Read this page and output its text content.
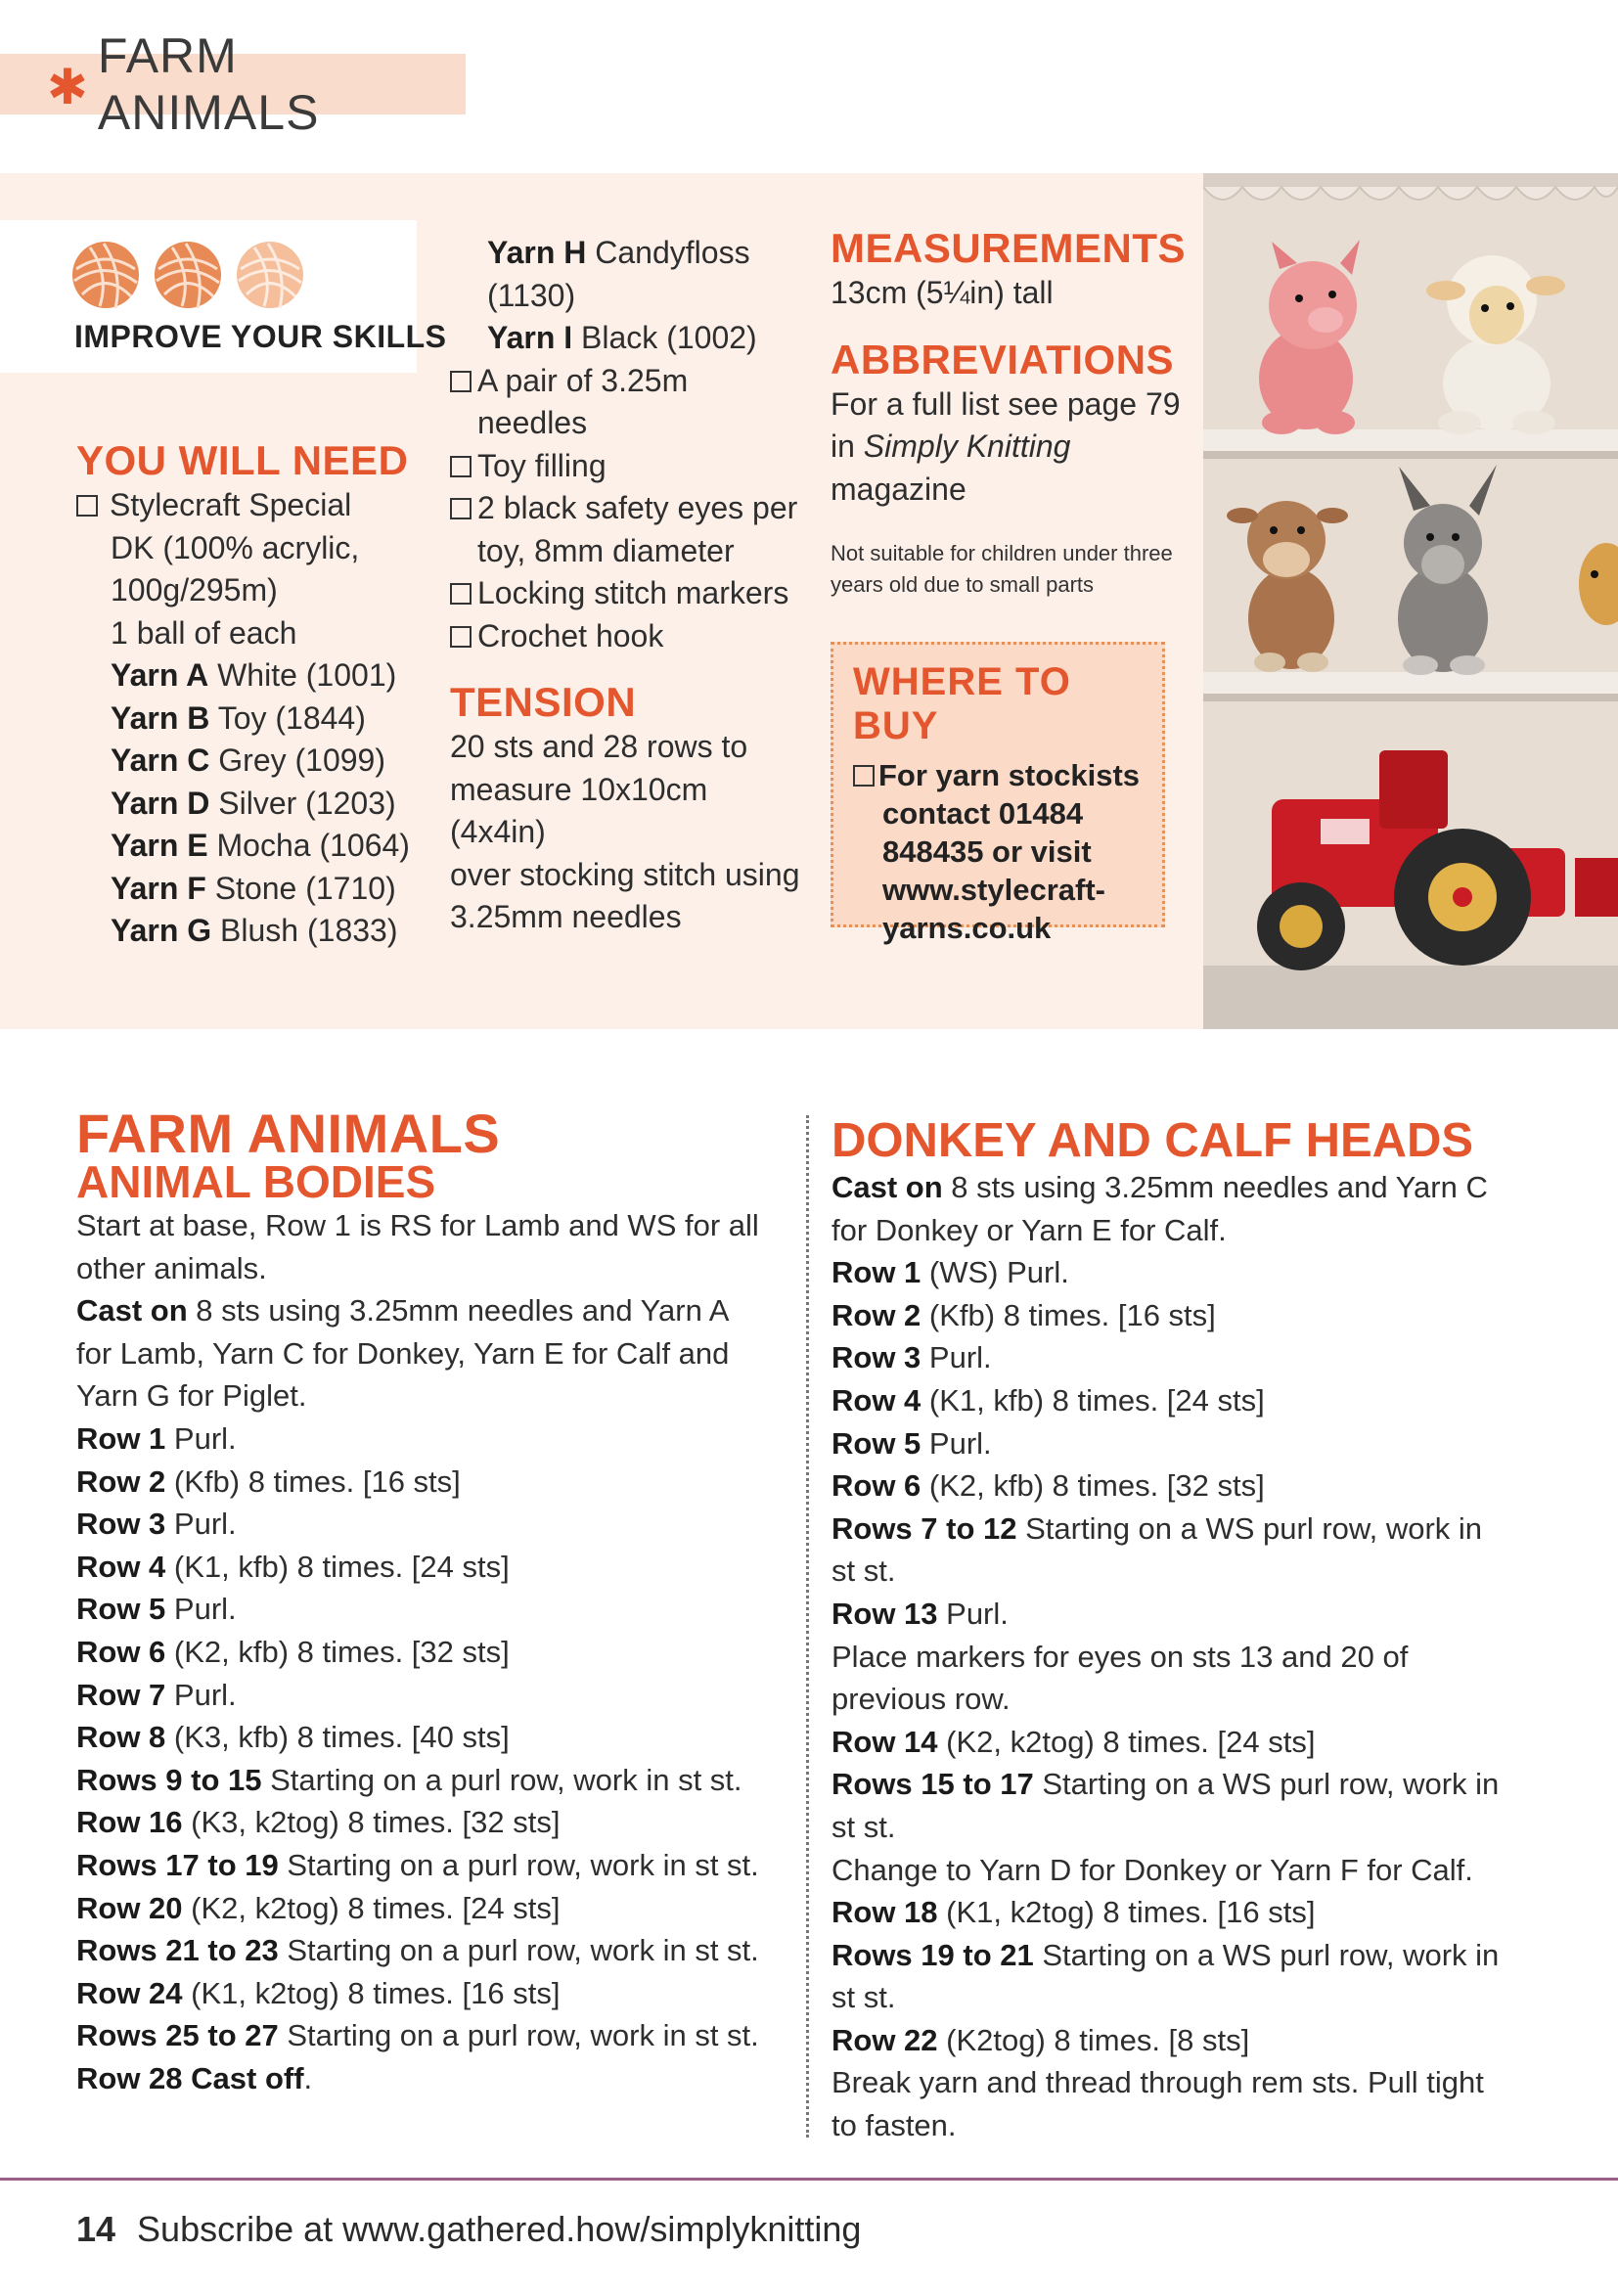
✱
FARM ANIMALS
IMPROVE YOUR SKILLS
YOU WILL NEED
Stylecraft Special
DK (100% acrylic,
100g/295m)
1 ball of each
Yarn A White (1001)
Yarn B Toy (1844)
Yarn C Grey (1099)
Yarn D Silver (1203)
Yarn E Mocha (1064)
Yarn F Stone (1710)
Yarn G Blush (1833)
Yarn H Candyfloss
(1130)
Yarn I Black (1002)
A pair of 3.25m needles
Toy filling
2 black safety eyes per
toy, 8mm diameter
Locking stitch markers
Crochet hook
TENSION
20 sts and 28 rows to
measure 10x10cm (4x4in)
over stocking stitch using
3.25mm needles
MEASUREMENTS
13cm (5¼in) tall
ABBREVIATIONS
For a full list see page 79
in Simply Knitting
magazine
Not suitable for children under three
years old due to small parts
WHERE TO BUY
For yarn stockists
contact 01484
848435 or visit
www.stylecraft-
yarns.co.uk
FARM ANIMALS
ANIMAL BODIES
Start at base, Row 1 is RS for Lamb and WS for all
other animals.
Cast on 8 sts using 3.25mm needles and Yarn A
for Lamb, Yarn C for Donkey, Yarn E for Calf and
Yarn G for Piglet.
Row 1 Purl.
Row 2 (Kfb) 8 times. [16 sts]
Row 3 Purl.
Row 4 (K1, kfb) 8 times. [24 sts]
Row 5 Purl.
Row 6 (K2, kfb) 8 times. [32 sts]
Row 7 Purl.
Row 8 (K3, kfb) 8 times. [40 sts]
Rows 9 to 15 Starting on a purl row, work in st st.
Row 16 (K3, k2tog) 8 times. [32 sts]
Rows 17 to 19 Starting on a purl row, work in st st.
Row 20 (K2, k2tog) 8 times. [24 sts]
Rows 21 to 23 Starting on a purl row, work in st st.
Row 24 (K1, k2tog) 8 times. [16 sts]
Rows 25 to 27 Starting on a purl row, work in st st.
Row 28 Cast off.
DONKEY AND CALF HEADS
Cast on 8 sts using 3.25mm needles and Yarn C
for Donkey or Yarn E for Calf.
Row 1 (WS) Purl.
Row 2 (Kfb) 8 times. [16 sts]
Row 3 Purl.
Row 4 (K1, kfb) 8 times. [24 sts]
Row 5 Purl.
Row 6 (K2, kfb) 8 times. [32 sts]
Rows 7 to 12 Starting on a WS purl row, work in
st st.
Row 13 Purl.
Place markers for eyes on sts 13 and 20 of
previous row.
Row 14 (K2, k2tog) 8 times. [24 sts]
Rows 15 to 17 Starting on a WS purl row, work in
st st.
Change to Yarn D for Donkey or Yarn F for Calf.
Row 18 (K1, k2tog) 8 times. [16 sts]
Rows 19 to 21 Starting on a WS purl row, work in
st st.
Row 22 (K2tog) 8 times. [8 sts]
Break yarn and thread through rem sts. Pull tight
to fasten.
14 Subscribe at www.gathered.how/simplyknitting
